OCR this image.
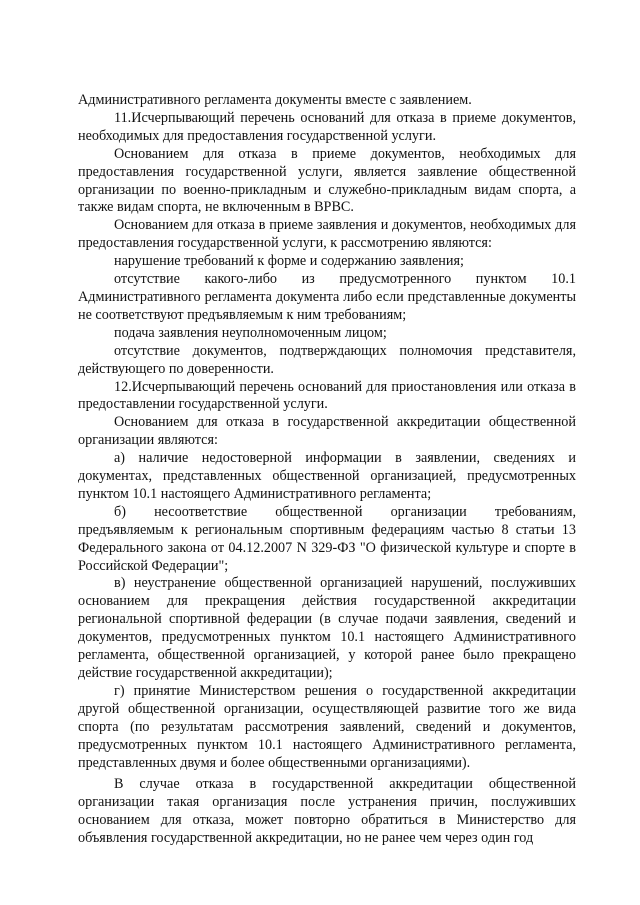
Административного регламента документы вместе с заявлением.

11.Исчерпывающий перечень оснований для отказа в приеме документов, необходимых для предоставления государственной услуги.

Основанием для отказа в приеме документов, необходимых для предоставления государственной услуги, является заявление общественной организации по военно-прикладным и служебно-прикладным видам спорта, а также видам спорта, не включенным в ВРВС.

Основанием для отказа в приеме заявления и документов, необходимых для предоставления государственной услуги, к рассмотрению являются:

нарушение требований к форме и содержанию заявления;

отсутствие какого-либо из предусмотренного пунктом 10.1 Административного регламента документа либо если представленные документы не соответствуют предъявляемым к ним требованиям;

подача заявления неуполномоченным лицом;

отсутствие документов, подтверждающих полномочия представителя, действующего по доверенности.

12.Исчерпывающий перечень оснований для приостановления или отказа в предоставлении государственной услуги.

Основанием для отказа в государственной аккредитации общественной организации являются:

а) наличие недостоверной информации в заявлении, сведениях и документах, представленных общественной организацией, предусмотренных пунктом 10.1 настоящего Административного регламента;

б) несоответствие общественной организации требованиям, предъявляемым к региональным спортивным федерациям частью 8 статьи 13 Федерального закона от 04.12.2007 N 329-ФЗ "О физической культуре и спорте в Российской Федерации";

в) неустранение общественной организацией нарушений, послуживших основанием для прекращения действия государственной аккредитации региональной спортивной федерации (в случае подачи заявления, сведений и документов, предусмотренных пунктом 10.1 настоящего Административного регламента, общественной организацией, у которой ранее было прекращено действие государственной аккредитации);

г) принятие Министерством решения о государственной аккредитации другой общественной организации, осуществляющей развитие того же вида спорта (по результатам рассмотрения заявлений, сведений и документов, предусмотренных пунктом 10.1 настоящего Административного регламента, представленных двумя и более общественными организациями).

В случае отказа в государственной аккредитации общественной организации такая организация после устранения причин, послуживших основанием для отказа, может повторно обратиться в Министерство для объявления государственной аккредитации, но не ранее чем через один год
